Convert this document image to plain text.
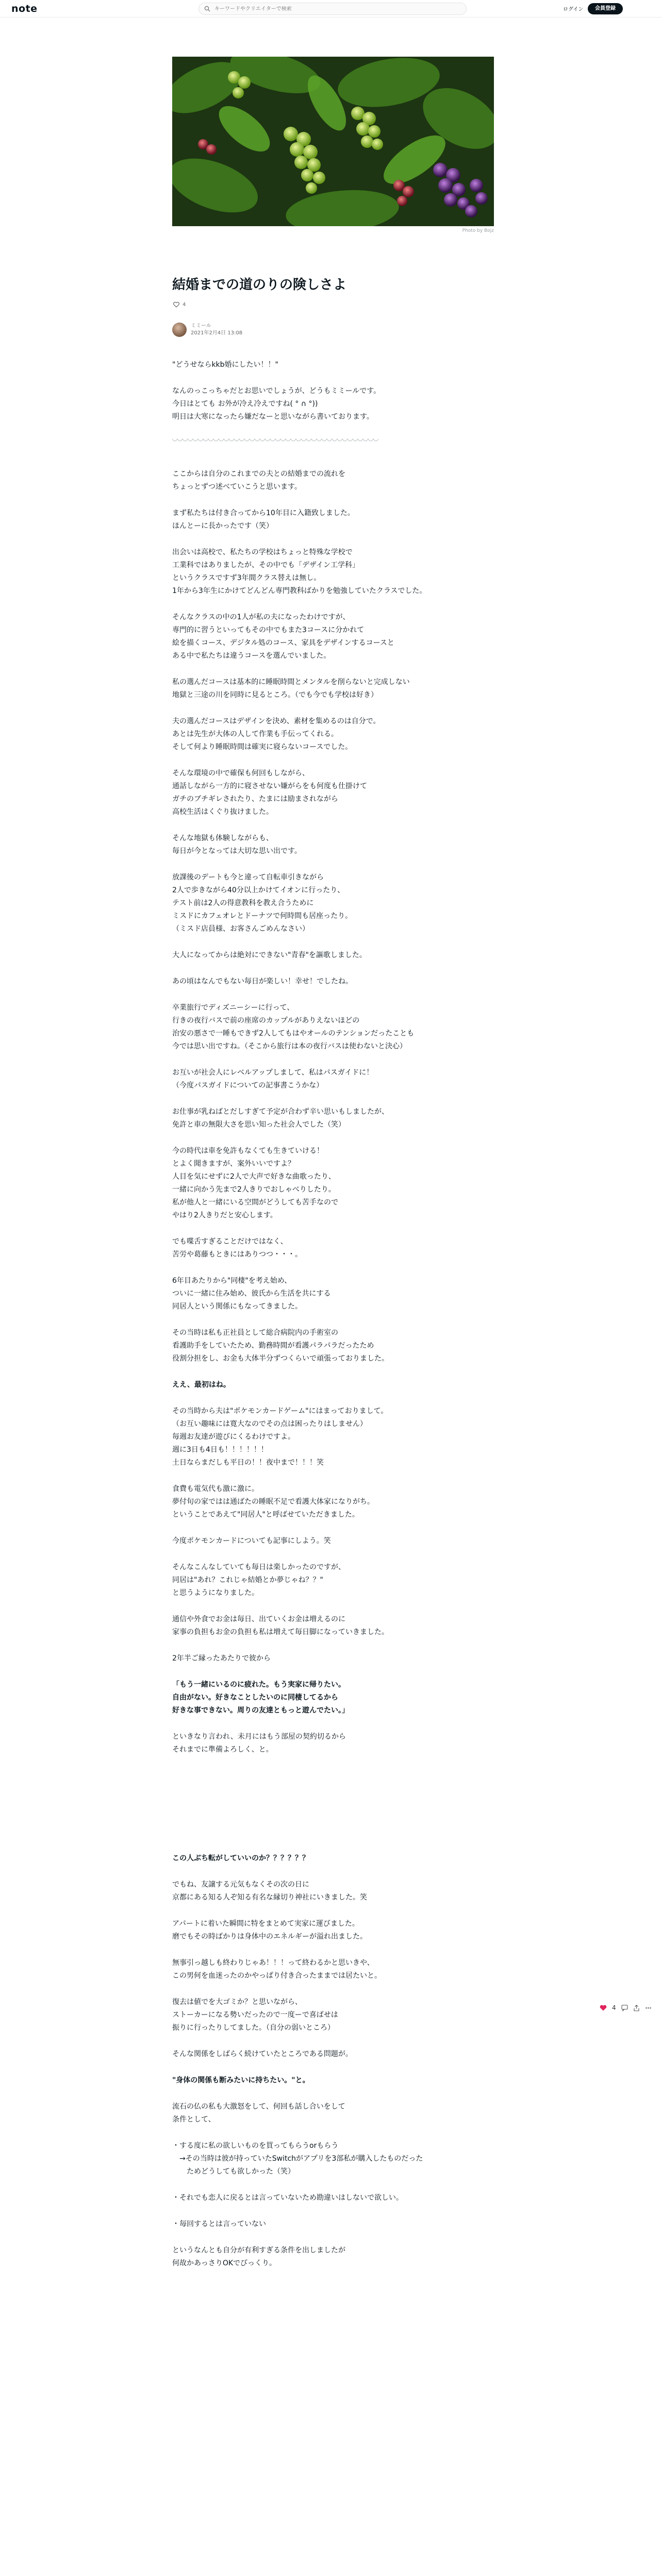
note
キーワードやクリエイターで検索	ログイン	会員登録
Photo by Bojz
結婚までの道のりの険しさよ
4
ミミール
2021年2月4日 13:08
"どうせならkkb婚にしたい！！"
なんのっこっちゃだとお思いでしょうが、どうもミミールです。
今日はとても お外が冷え冷えですね( ° ∩ °))
明日は大寒になったら嫌だなーと思いながら書いております。
ここからは自分のこれまでの夫との結婚までの流れを
ちょっとずつ述べていこうと思います。
まず私たちは付き合ってから10年目に入籍致しました。
ほんとーに長かったです（笑）
出会いは高校で、私たちの学校はちょっと特殊な学校で
工業科ではありましたが、その中でも「デザイン工学科」
というクラスですず3年間クラス替えは無し。
1年から3年生にかけてどんどん専門教科ばかりを勉強していたクラスでした。
そんなクラスの中の1人が私の夫になったわけですが、
専門的に習うといってもその中でもまた3コースに分かれて
絵を描くコース、デジタル処のコース、家具をデザインするコースと
ある中で私たちは違うコースを選んでいました。
私の選んだコースは基本的に睡眠時間とメンタルを削らないと完成しない
地獄と三途の川を同時に見るところ。（でも今でも学校は好き）
夫の選んだコースはデザインを決め、素材を集めるのは自分で。
あとは先生が大体の人して作業も手伝ってくれる。
そして何より睡眠時間は確実に寝らないコースでした。
そんな環境の中で確保も何回もしながら、
通話しながら一方的に寝させない嫌がらをも何度も仕掛けて
ガチのブチギレされたり、たまには励まされながら
高校生活はくぐり抜けました。
そんな地獄も体験しながらも、
毎日が今となっては大切な思い出です。
放課後のデートも今と違って自転車引きながら
2人で歩きながら40分以上かけてイオンに行ったり、
テスト前は2人の得意教科を教え合うために
ミスドにカフェオレとドーナツで何時間も居座ったり。
（ミスド店員様、お客さんごめんなさい）
大人になってからは絶対にできない"青春"を謳歌しました。
あの頃はなんでもない毎日が楽しい！幸せ！でしたね。
卒業旅行でディズニーシーに行って、
行きの夜行バスで前の座席のカップルがありえないほどの
治安の悪さで一睡もできず2人してもはやオールのテンションだったことも
今では思い出ですね。（そこから旅行は本の夜行バスは使わないと決心）
お互いが社会人にレベルアップしまして、私はパスガイドに！
（今度パスガイドについての記事書こうかな）
お仕事が乳ねばとだしすぎて予定が合わず辛い思いもしましたが、
免許と車の無限大さを思い知った社会人でした（笑）
今の時代は車を免許もなくても生きていける！
とよく聞きますが、案外いいですよ？
人目を気にせずに2人で大声で好きな曲歌ったり、
一緒に向かう先まで2人きりでおしゃべりしたり。
私が他人と一緒にいる空間がどうしても苦手なので
やはり2人きりだと安心します。
でも喋舌すぎることだけではなく、
苦労や葛藤もときにはありつつ・・・。
6年目あたりから"同棲"を考え始め、
ついに一緒に住み始め、彼氏から生活を共にする
同居人という関係にもなってきました。
その当時は私も正社員として総合病院内の手術室の
看護助手をしていたため、勤務時間が看護パラパラだったため
役割分担をし、お金も大体半分ずつくらいで頑張っておりました。
ええ、最初はね。
その当時から夫は"ポケモンカードゲーム"にはまっておりまして。
（お互い趣味には寛大なのでその点は困ったりはしません）
毎週お友達が遊びにくるわけですよ。
週に3日も4日も！！！！！！
土日ならまだしも平日の！！夜中まで！！！笑
食費も電気代も激に激に。
夢付旬の家ではは通ばたの睡眠不足で看護大体家になりがち。
ということであえて"同居人"と呼ばせていただきました。
今度ポケモンカードについても記事にしよう。笑
そんなこんなしていても毎日は楽しかったのですが、
同居は"あれ？これじゃ結婚とか夢じゃね？？"
と思うようになりました。
通信や外食でお金は毎日、出ていくお金は増えるのに
家事の負担もお金の負担も私は増えて毎日脚になっていきました。
2年半ご縁ったあたりで彼から
「もう一緒にいるのに疲れた。もう実家に帰りたい。
自由がない。好きなことしたいのに同棲してるから
好きな事できない。周りの友達ともっと遊んでたい。」
といきなり言われ、未月にはもう部屋の契約切るから
それまでに準備よろしく、と。
この人ぶち転がしていいのか？？？？？？
でもね、友譲する元気もなくその次の日に
京都にある知る人ぞ知る有名な縁切り神社にいきました。笑
アパートに着いた瞬間に特をまとめて実家に運びました。
磨でもその時ばかりは身体中のエネルギーが溢れ出ました。
無事引っ越しも終わりじゃあ！！！って終わるかと思いきや、
この男何を血迷ったのかやっぱり付き合ったままでは居たいと。
復去は値でを大ゴミか？と思いながら、
ストーカーになる勢いだったので一度ーで喜ばせは
振りに行ったりしてました。（自分の弱いところ）
そんな関係をしばらく続けていたところである問題が。
"身体の関係も断みたいに持ちたい。"と。
流石の仏の私も大激怒をして、何回も話し合いをして
条件として、
・する度に私の欲しいものを買ってもらうorもらう
　→その当時は彼が持っていたSwitchがアプリを3部私が購入したものだった
　　ためどうしても欲しかった（笑）
・それでも恋人に戻るとは言っていないため勘違いはしないで欲しい。
・毎回するとは言っていない
というなんとも自分が有利すぎる条件を出しましたが
何故かあっさりOKでびっくり。
4
